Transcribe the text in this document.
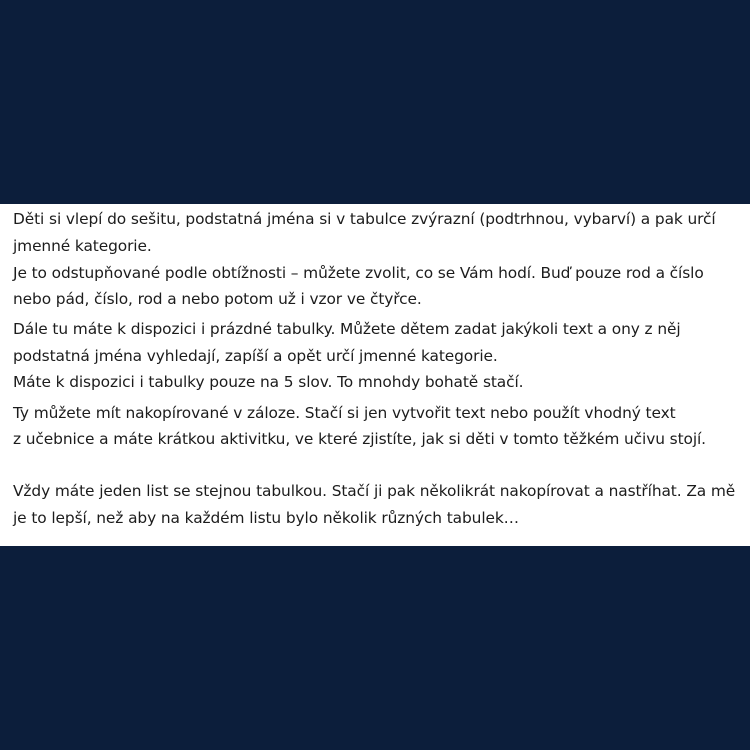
Děti si vlepí do sešitu, podstatná jména si v tabulce zvýrazní (podtrhnou, vybarví) a pak určí
jmenné kategorie.
Je to odstupňované podle obtížnosti – můžete zvolit, co se Vám hodí. Buď pouze rod a číslo
nebo pád, číslo, rod a nebo potom už i vzor ve čtyřce.
Dále tu máte k dispozici i prázdné tabulky. Můžete dětem zadat jakýkoli text a ony z něj
podstatná jména vyhledají, zapíší a opět určí jmenné kategorie.
Máte k dispozici i tabulky pouze na 5 slov. To mnohdy bohatě stačí.
Ty můžete mít nakopírované v záloze. Stačí si jen vytvořit text nebo použít vhodný text
z učebnice a máte krátkou aktivitku, ve které zjistíte, jak si děti v tomto těžkém učivu stojí.
Vždy máte jeden list se stejnou tabulkou. Stačí ji pak několikrát nakopírovat a nastříhat. Za mě
je to lepší, než aby na každém listu bylo několik různých tabulek…
